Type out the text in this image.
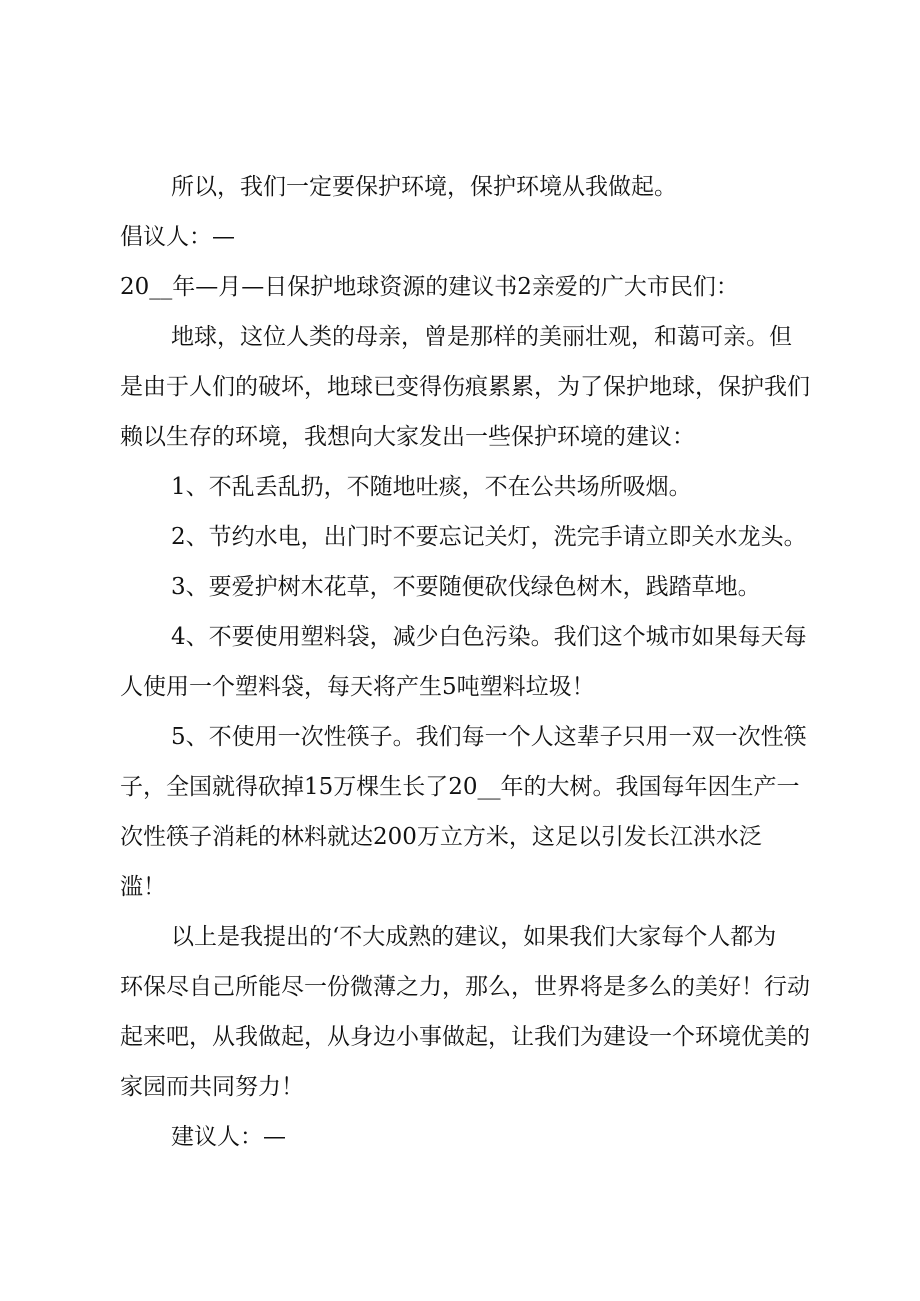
所以，我们一定要保护环境，保护环境从我做起。
倡议人：—
20__年—月—日保护地球资源的建议书2亲爱的广大市民们：
地球，这位人类的母亲，曾是那样的美丽壮观，和蔼可亲。但
是由于人们的破坏，地球已变得伤痕累累，为了保护地球，保护我们
赖以生存的环境，我想向大家发出一些保护环境的建议：
1、不乱丢乱扔，不随地吐痰，不在公共场所吸烟。
2、节约水电，出门时不要忘记关灯，洗完手请立即关水龙头。
3、要爱护树木花草，不要随便砍伐绿色树木，践踏草地。
4、不要使用塑料袋，减少白色污染。我们这个城市如果每天每
人使用一个塑料袋，每天将产生5吨塑料垃圾！
5、不使用一次性筷子。我们每一个人这辈子只用一双一次性筷
子，全国就得砍掉15万棵生长了20__年的大树。我国每年因生产一
次性筷子消耗的林料就达200万立方米，这足以引发长江洪水泛
滥！
以上是我提出的‘不大成熟的建议，如果我们大家每个人都为
环保尽自己所能尽一份微薄之力，那么，世界将是多么的美好！行动
起来吧，从我做起，从身边小事做起，让我们为建设一个环境优美的
家园而共同努力！
建议人：—
